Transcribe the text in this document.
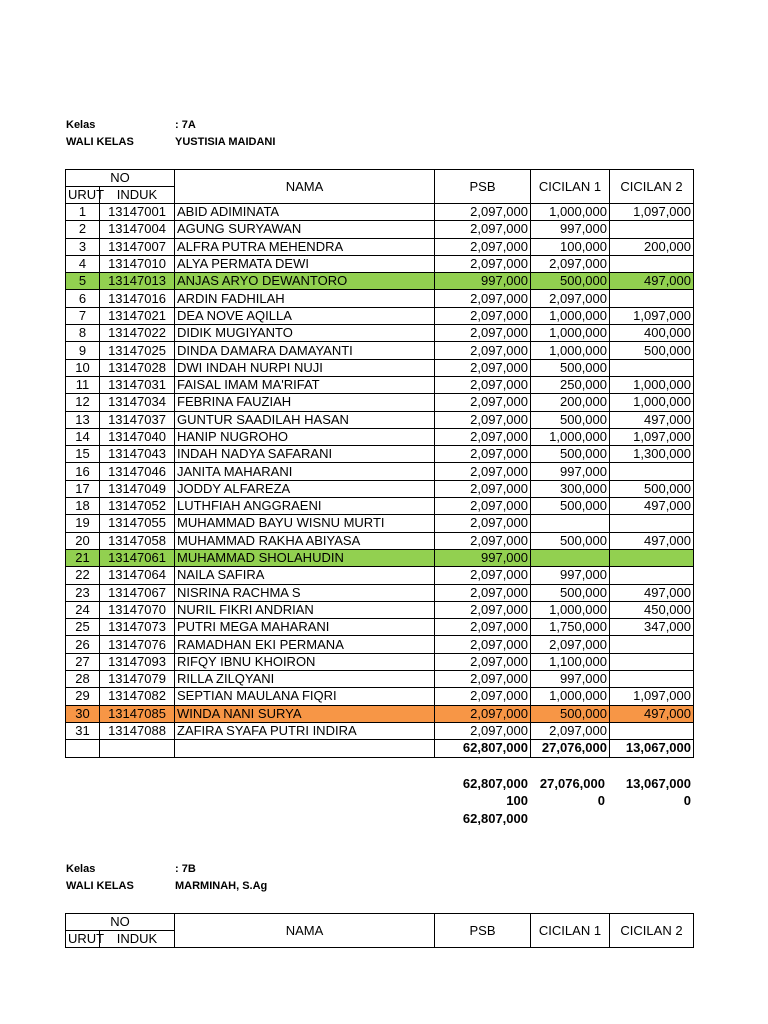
Kelas	: 7A
WALI KELAS	YUSTISIA MAIDANI
NO		NAMA	PSB	CICILAN 1	CICILAN 2
URUT	INDUK				
1	13147001	ABID ADIMINATA	2,097,000	1,000,000	1,097,000
2	13147004	AGUNG SURYAWAN	2,097,000	997,000	
3	13147007	ALFRA PUTRA MEHENDRA	2,097,000	100,000	200,000
4	13147010	ALYA PERMATA DEWI	2,097,000	2,097,000	
5	13147013	ANJAS ARYO DEWANTORO	997,000	500,000	497,000
6	13147016	ARDIN FADHILAH	2,097,000	2,097,000	
7	13147021	DEA NOVE AQILLA	2,097,000	1,000,000	1,097,000
8	13147022	DIDIK MUGIYANTO	2,097,000	1,000,000	400,000
9	13147025	DINDA DAMARA DAMAYANTI	2,097,000	1,000,000	500,000
10	13147028	DWI INDAH NURPI NUJI	2,097,000	500,000	
11	13147031	FAISAL IMAM MA'RIFAT	2,097,000	250,000	1,000,000
12	13147034	FEBRINA FAUZIAH	2,097,000	200,000	1,000,000
13	13147037	GUNTUR SAADILAH HASAN	2,097,000	500,000	497,000
14	13147040	HANIP NUGROHO	2,097,000	1,000,000	1,097,000
15	13147043	INDAH NADYA SAFARANI	2,097,000	500,000	1,300,000
16	13147046	JANITA MAHARANI	2,097,000	997,000	
17	13147049	JODDY ALFAREZA	2,097,000	300,000	500,000
18	13147052	LUTHFIAH ANGGRAENI	2,097,000	500,000	497,000
19	13147055	MUHAMMAD BAYU WISNU MURTI	2,097,000		
20	13147058	MUHAMMAD RAKHA ABIYASA	2,097,000	500,000	497,000
21	13147061	MUHAMMAD SHOLAHUDIN	997,000		
22	13147064	NAILA SAFIRA	2,097,000	997,000	
23	13147067	NISRINA RACHMA S	2,097,000	500,000	497,000
24	13147070	NURIL FIKRI ANDRIAN	2,097,000	1,000,000	450,000
25	13147073	PUTRI MEGA MAHARANI	2,097,000	1,750,000	347,000
26	13147076	RAMADHAN EKI PERMANA	2,097,000	2,097,000	
27	13147093	RIFQY IBNU KHOIRON	2,097,000	1,100,000	
28	13147079	RILLA ZILQYANI	2,097,000	997,000	
29	13147082	SEPTIAN MAULANA FIQRI	2,097,000	1,000,000	1,097,000
30	13147085	WINDA NANI SURYA	2,097,000	500,000	497,000
31	13147088	ZAFIRA SYAFA PUTRI INDIRA	2,097,000	2,097,000	
			62,807,000	27,076,000	13,067,000
62,807,000 27,076,000	13,067,000
100	0	0
62,807,000
Kelas	: 7B
WALI KELAS	MARMINAH, S.Ag
NO		NAMA	PSB	CICILAN 1	CICILAN 2
URUT	INDUK				
